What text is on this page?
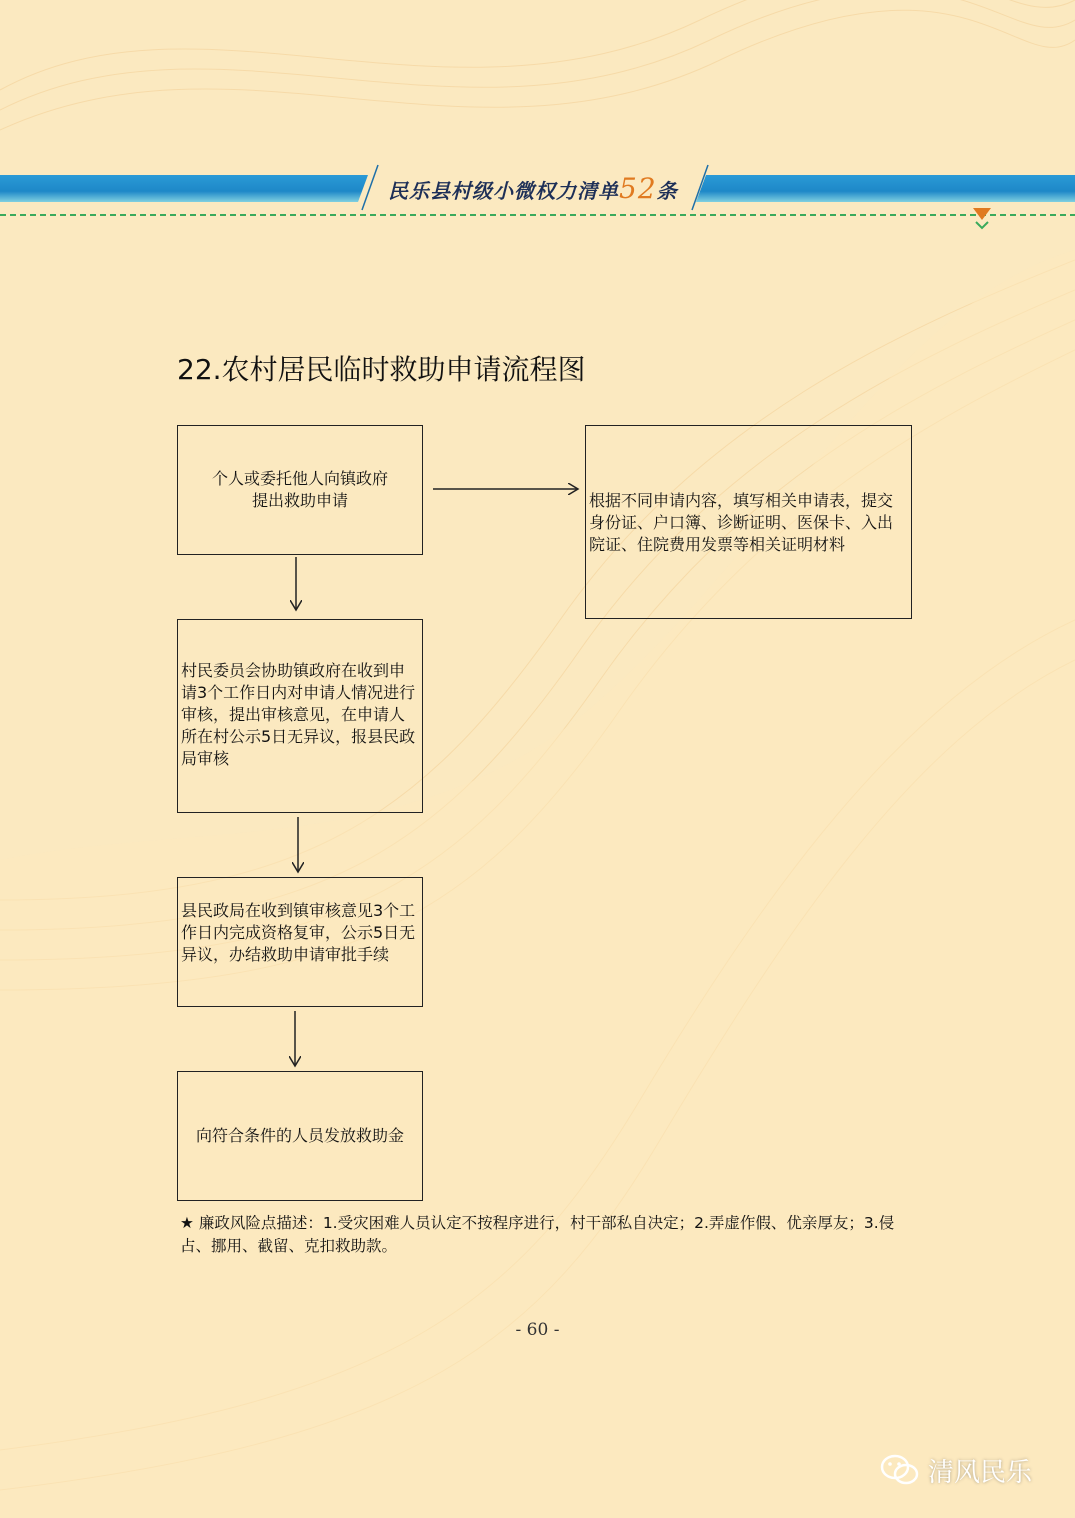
民乐县村级小微权力清单52条
22.农村居民临时救助申请流程图
个人或委托他人向镇政府提出救助申请	根据不同申请内容，填写相关申请表，提交身份证、户口簿、诊断证明、医保卡、入出院证、住院费用发票等相关证明材料
村民委员会协助镇政府在收到申请3个工作日内对申请人情况进行审核，提出审核意见，在申请人所在村公示5日无异议，报县民政局审核
县民政局在收到镇审核意见3个工作日内完成资格复审，公示5日无异议，办结救助申请审批手续
向符合条件的人员发放救助金
★ 廉政风险点描述：1.受灾困难人员认定不按程序进行，村干部私自决定；2.弄虚作假、优亲厚友；3.侵占、挪用、截留、克扣救助款。
- 60 -
清风民乐
